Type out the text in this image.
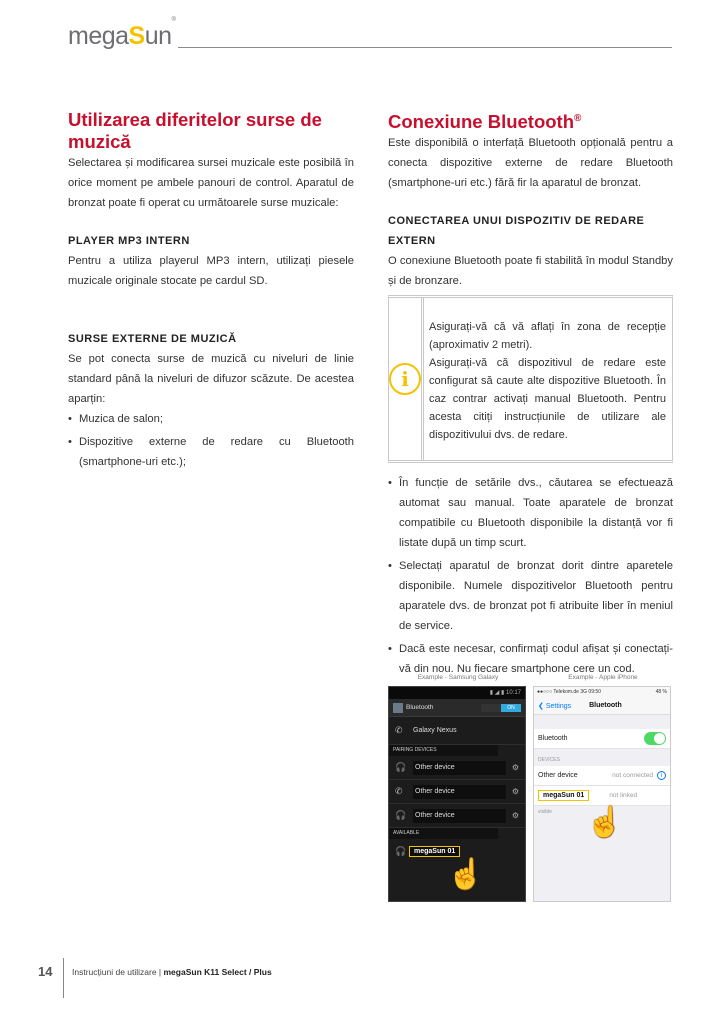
megaSun®
Utilizarea diferitelor surse de muzică

Selectarea și modificarea sursei muzicale este posibilă în orice moment pe ambele panouri de control. Aparatul de bronzat poate fi operat cu următoarele surse muzicale:

PLAYER MP3 INTERN

Pentru a utiliza playerul MP3 intern, utilizați piesele muzicale originale stocate pe cardul SD.

SURSE EXTERNE DE MUZICĂ

Se pot conecta surse de muzică cu niveluri de linie standard până la niveluri de difuzor scăzute. De acestea aparțin:

• Muzica de salon;
• Dispozitive externe de redare cu Bluetooth (smartphone-uri etc.);
Conexiune Bluetooth®

Este disponibilă o interfață Bluetooth opțională pentru a conecta dispozitive externe de redare Bluetooth (smartphone-uri etc.) fără fir la aparatul de bronzat.

CONECTAREA UNUI DISPOZITIV DE REDARE EXTERN

O conexiune Bluetooth poate fi stabilită în modul Standby și de bronzare.

i

Asigurați-vă că vă aflați în zona de recepție (aproximativ 2 metri).

Asigurați-vă că dispozitivul de redare este configurat să caute alte dispozitive Bluetooth. În caz contrar activați manual Bluetooth. Pentru acesta citiți instrucțiunile de utilizare ale dispozitivului dvs. de redare.

• În funcție de setările dvs., căutarea se efectuează automat sau manual. Toate aparatele de bronzat compatibile cu Bluetooth disponibile la distanță vor fi listate după un timp scurt.
• Selectați aparatul de bronzat dorit dintre aparetele disponibile. Numele dispozitivelor Bluetooth pentru aparatele dvs. de bronzat pot fi atribuite liber în meniul de service.
• Dacă este necesar, confirmați codul afișat și conectați-vă din nou. Nu fiecare smartphone cere un cod.
Example - Samsung Galaxy
▮ ◢ ▮ 10:17
Bluetooth	ON
✆	Galaxy Nexus
PAIRING DEVICES
🎧	Other device	⚙
✆	Other device	⚙
🎧	Other device	⚙
AVAILABLE
🎧	megaSun 01
☝
Example - Apple iPhone
●●○○○ Telekom.de 3G 09:50	48 %
❮ Settings	Bluetooth
Bluetooth
DEVICES
Other device	not connected	i
megaSun 01	not linked
visible	☝
14 Instrucțiuni de utilizare | megaSun K11 Select / Plus
